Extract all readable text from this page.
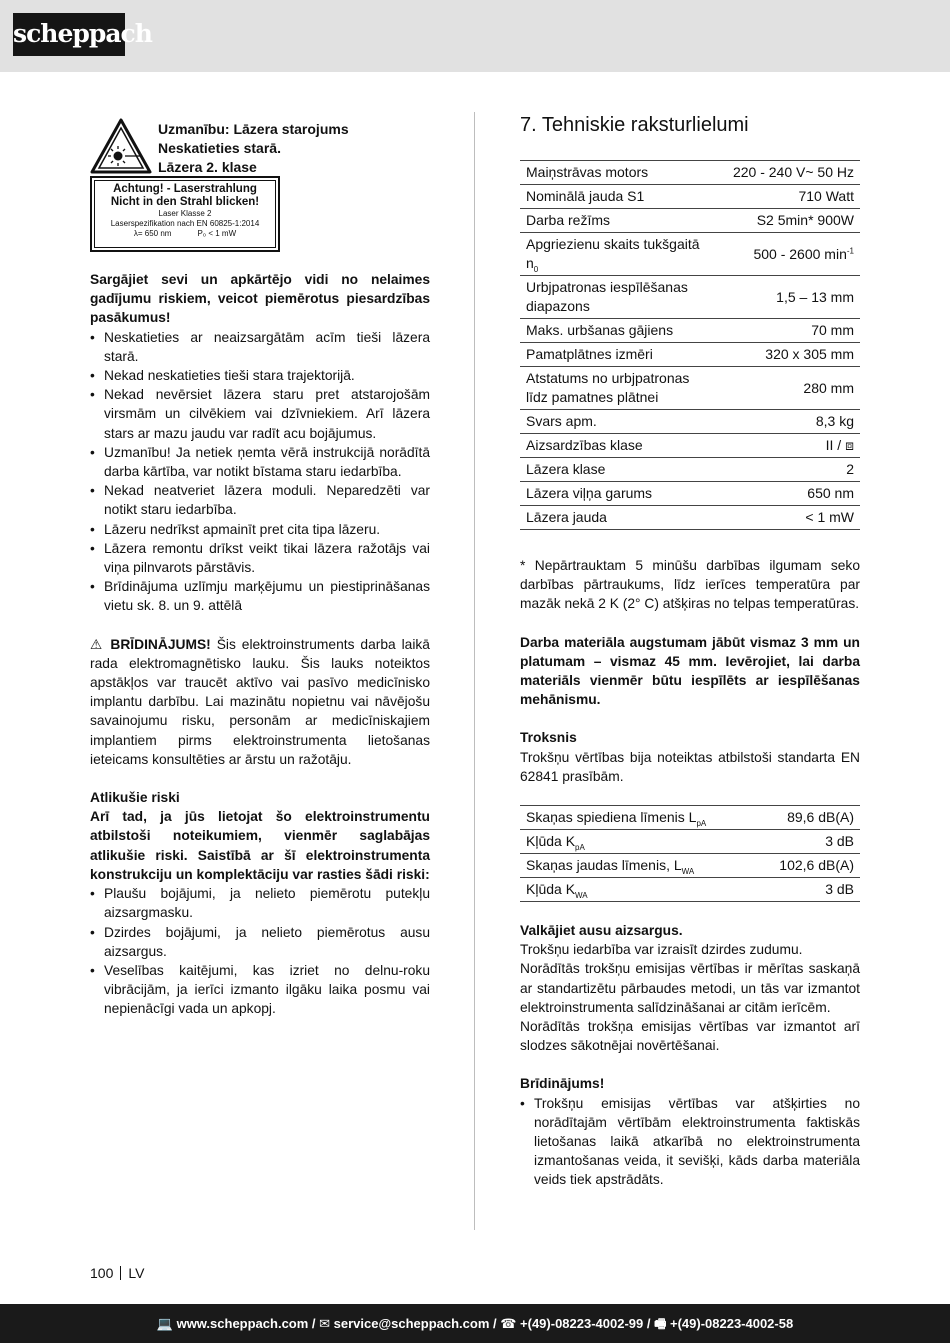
scheppach
Uzmanību: Lāzera starojums
Neskatieties starā.
Lāzera 2. klase
Achtung! - Laserstrahlung
Nicht in den Strahl blicken!
Laser Klasse 2
Laserspezifikation nach EN 60825-1:2014
λ= 650 nm	P₀ < 1 mW

Sargājiet sevi un apkārtējo vidi no nelaimes gadījumu riskiem, veicot piemērotus piesardzības pasākumus!

• Neskatieties ar neaizsargātām acīm tieši lāzera starā.
• Nekad neskatieties tieši stara trajektorijā.
• Nekad nevērsiet lāzera staru pret atstarojošām virsmām un cilvēkiem vai dzīvniekiem. Arī lāzera stars ar mazu jaudu var radīt acu bojājumus.
• Uzmanību! Ja netiek ņemta vērā instrukcijā norādītā darba kārtība, var notikt bīstama staru iedarbība.
• Nekad neatveriet lāzera moduli. Neparedzēti var notikt staru iedarbība.
• Lāzeru nedrīkst apmainīt pret cita tipa lāzeru.
• Lāzera remontu drīkst veikt tikai lāzera ražotājs vai viņa pilnvarots pārstāvis.
• Brīdinājuma uzlīmju marķējumu un piestiprināšanas vietu sk. 8. un 9. attēlā

⚠ BRĪDINĀJUMS! Šis elektroinstruments darba laikā rada elektromagnētisko lauku. Šis lauks noteiktos apstākļos var traucēt aktīvo vai pasīvo medicīnisko implantu darbību. Lai mazinātu nopietnu vai nāvējošu savainojumu risku, personām ar medicīniskajiem implantiem pirms elektroinstrumenta lietošanas ieteicams konsultēties ar ārstu un ražotāju.

Atlikušie riski

Arī tad, ja jūs lietojat šo elektroinstrumentu atbilstoši noteikumiem, vienmēr saglabājas atlikušie riski. Saistībā ar šī elektroinstrumenta konstrukciju un komplektāciju var rasties šādi riski:

• Plaušu bojājumi, ja nelieto piemērotu putekļu aizsargmasku.
• Dzirdes bojājumi, ja nelieto piemērotus ausu aizsargus.
• Veselības kaitējumi, kas izriet no delnu-roku vibrācijām, ja ierīci izmanto ilgāku laika posmu vai nepienācīgi vada un apkopj.
7. Tehniskie raksturlielumi
Maiņstrāvas motors	220 - 240 V~ 50 Hz
Nominālā jauda S1	710 Watt
Darba režīms	S2 5min* 900W
Apgriezienu skaits tukšgaitā $n_0$	500 - 2600 $\min^{-1}$
Urbjpatronas iespīlēšanas diapazons	1,5 – 13 mm
Maks. urbšanas gājiens	70 mm
Pamatplātnes izmēri	320 x 305 mm
Atstatums no urbjpatronas līdz pamatnes plātnei	280 mm
Svars apm.	8,3 kg
Aizsardzības klase	II / ⧈
Lāzera klase	2
Lāzera viļņa garums	650 nm
Lāzera jauda	< 1 mW

* Nepārtrauktam 5 minūšu darbības ilgumam seko darbības pārtraukums, līdz ierīces temperatūra par mazāk nekā 2 K (2° C) atšķiras no telpas temperatūras.

Darba materiāla augstumam jābūt vismaz 3 mm un platumam – vismaz 45 mm. Ievērojiet, lai darba materiāls vienmēr būtu iespīlēts ar iespīlēšanas mehānismu.

Troksnis

Trokšņu vērtības bija noteiktas atbilstoši standarta EN 62841 prasībām.

Skaņas spiediena līmenis $L_{pA}$	89,6 dB(A)
Kļūda $K_{pA}$	3 dB
Skaņas jaudas līmenis, $L_{WA}$	102,6 dB(A)
Kļūda $K_{WA}$	3 dB

Valkājiet ausu aizsargus.

Trokšņu iedarbība var izraisīt dzirdes zudumu.

Norādītās trokšņu emisijas vērtības ir mērītas saskaņā ar standartizētu pārbaudes metodi, un tās var izmantot elektroinstrumenta salīdzināšanai ar citām ierīcēm.

Norādītās trokšņa emisijas vērtības var izmantot arī slodzes sākotnējai novērtēšanai.

Brīdinājums!

• Trokšņu emisijas vērtības var atšķirties no norādītajām vērtībām elektroinstrumenta faktiskās lietošanas laikā atkarībā no elektroinstrumenta izmantošanas veida, it sevišķi, kāds darba materiāla veids tiek apstrādāts.
100 LV
💻 www.scheppach.com / ✉ service@scheppach.com / ☎ +(49)-08223-4002-99 / 🖷 +(49)-08223-4002-58
